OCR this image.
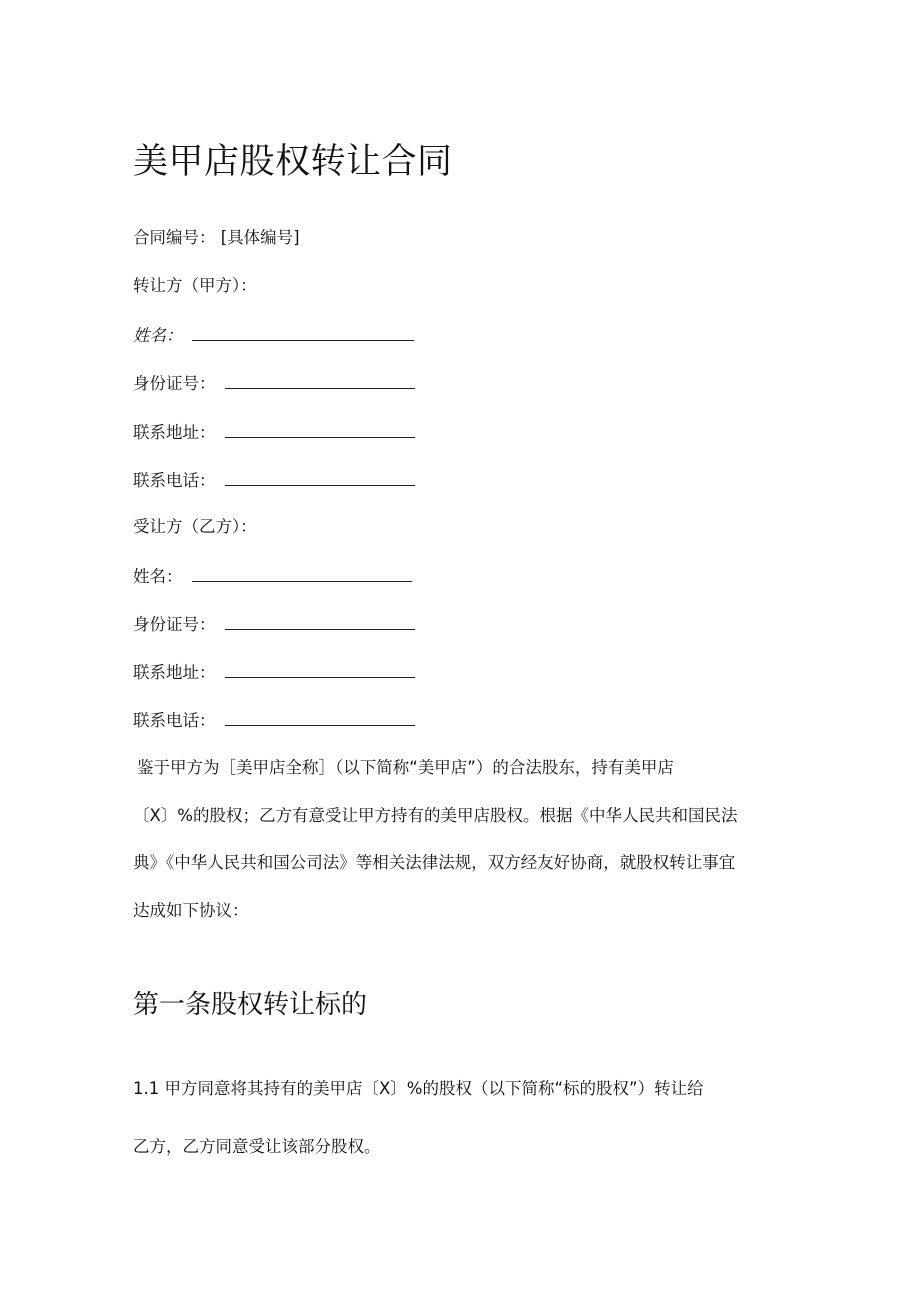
美甲店股权转让合同
合同编号： [具体编号]
转让方（甲方）：
姓名：
身份证号：
联系地址：
联系电话：
受让方（乙方）：
姓名：
身份证号：
联系地址：
联系电话：
鉴于甲方为［美甲店全称］（以下简称“美甲店”）的合法股东，持有美甲店
〔X〕%的股权；乙方有意受让甲方持有的美甲店股权。根据《中华人民共和国民法
典》《中华人民共和国公司法》等相关法律法规，双方经友好协商，就股权转让事宜
达成如下协议：
第一条股权转让标的
1.1 甲方同意将其持有的美甲店〔X〕%的股权（以下简称“标的股权”）转让给
乙方，乙方同意受让该部分股权。
